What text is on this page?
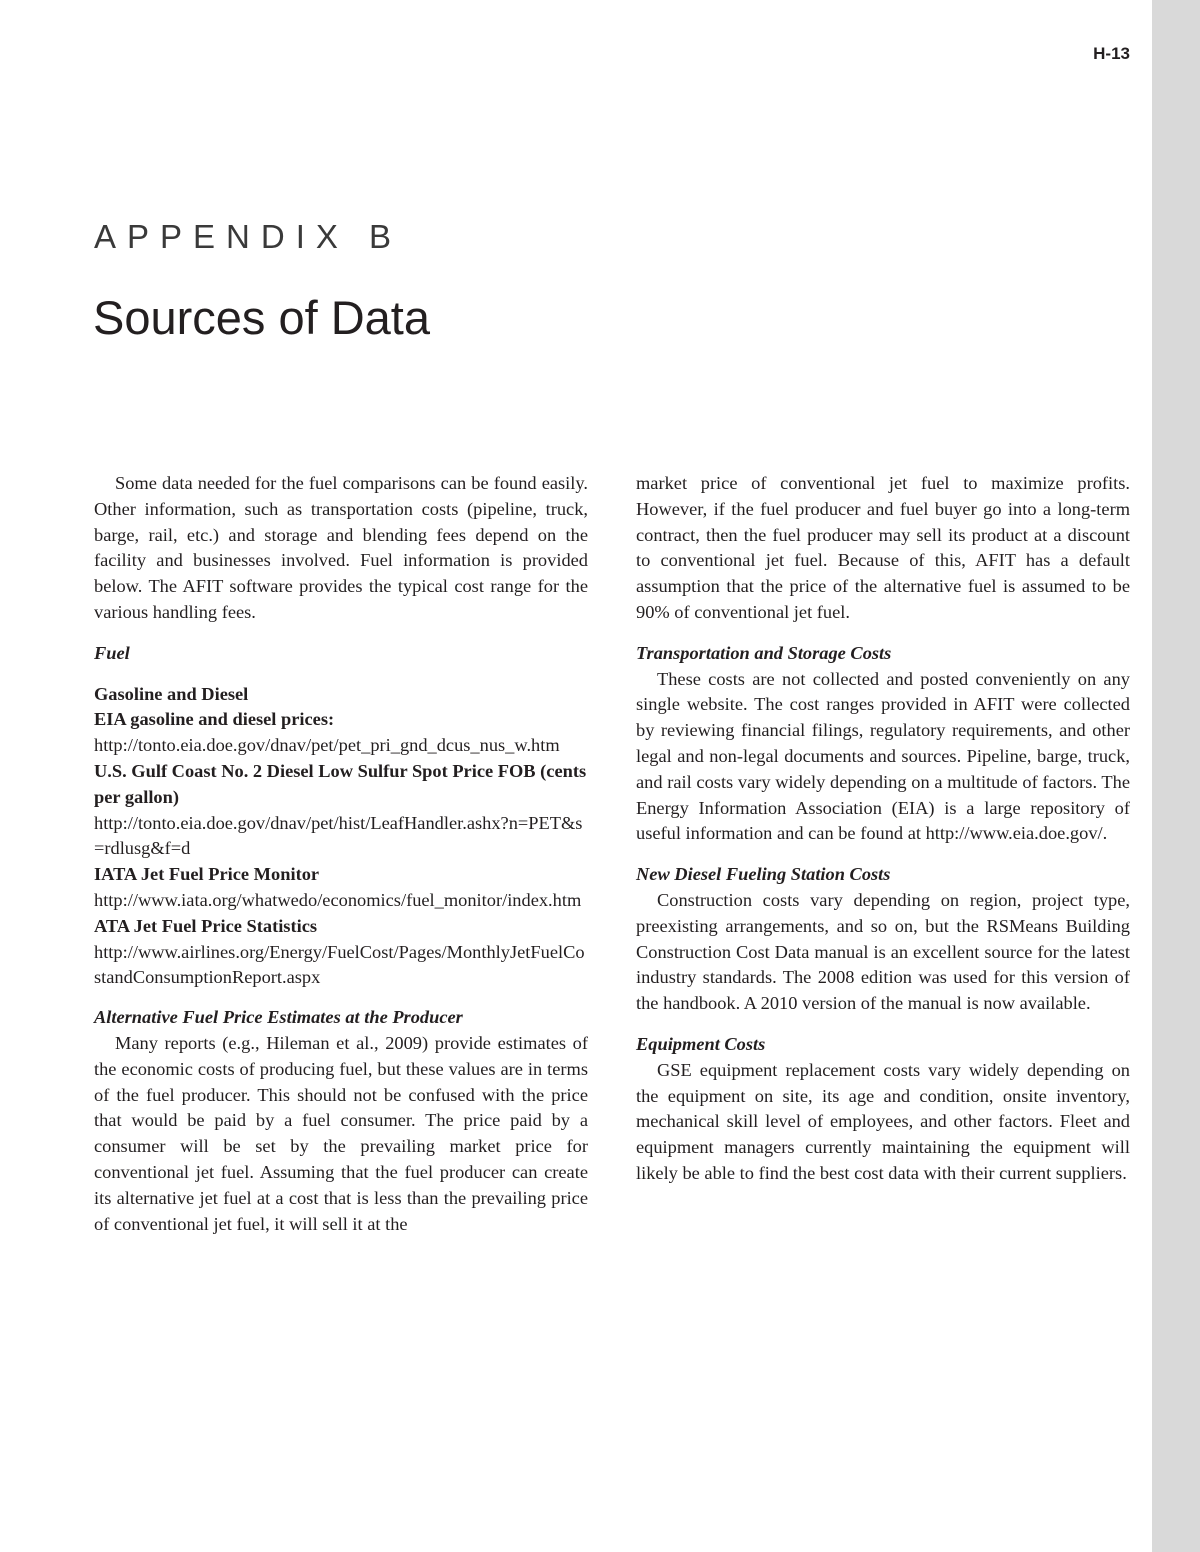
H-13
APPENDIX B
Sources of Data

Some data needed for the fuel comparisons can be found easily. Other information, such as transportation costs (pipeline, truck, barge, rail, etc.) and storage and blending fees depend on the facility and businesses involved. Fuel information is provided below. The AFIT software provides the typical cost range for the various handling fees.

Fuel

Gasoline and Diesel

EIA gasoline and diesel prices:

http://tonto.eia.doe.gov/dnav/pet/pet_pri_gnd_dcus_nus_w.htm

U.S. Gulf Coast No. 2 Diesel Low Sulfur Spot Price FOB (cents per gallon)

http://tonto.eia.doe.gov/dnav/pet/hist/LeafHandler.ashx?n=PET&s=rdlusg&f=d

IATA Jet Fuel Price Monitor

http://www.iata.org/whatwedo/economics/fuel_monitor/index.htm

ATA Jet Fuel Price Statistics

http://www.airlines.org/Energy/FuelCost/Pages/MonthlyJetFuelCostandConsumptionReport.aspx

Alternative Fuel Price Estimates at the Producer

Many reports (e.g., Hileman et al., 2009) provide estimates of the economic costs of producing fuel, but these values are in terms of the fuel producer. This should not be confused with the price that would be paid by a fuel consumer. The price paid by a consumer will be set by the prevailing market price for conventional jet fuel. Assuming that the fuel producer can create its alternative jet fuel at a cost that is less than the prevailing price of conventional jet fuel, it will sell it at the

market price of conventional jet fuel to maximize profits. However, if the fuel producer and fuel buyer go into a long-term contract, then the fuel producer may sell its product at a discount to conventional jet fuel. Because of this, AFIT has a default assumption that the price of the alternative fuel is assumed to be 90% of conventional jet fuel.

Transportation and Storage Costs

These costs are not collected and posted conveniently on any single website. The cost ranges provided in AFIT were collected by reviewing financial filings, regulatory requirements, and other legal and non-legal documents and sources. Pipeline, barge, truck, and rail costs vary widely depending on a multitude of factors. The Energy Information Association (EIA) is a large repository of useful information and can be found at http://www.eia.doe.gov/.

New Diesel Fueling Station Costs

Construction costs vary depending on region, project type, preexisting arrangements, and so on, but the RSMeans Building Construction Cost Data manual is an excellent source for the latest industry standards. The 2008 edition was used for this version of the handbook. A 2010 version of the manual is now available.

Equipment Costs

GSE equipment replacement costs vary widely depending on the equipment on site, its age and condition, onsite inventory, mechanical skill level of employees, and other factors. Fleet and equipment managers currently maintaining the equipment will likely be able to find the best cost data with their current suppliers.
